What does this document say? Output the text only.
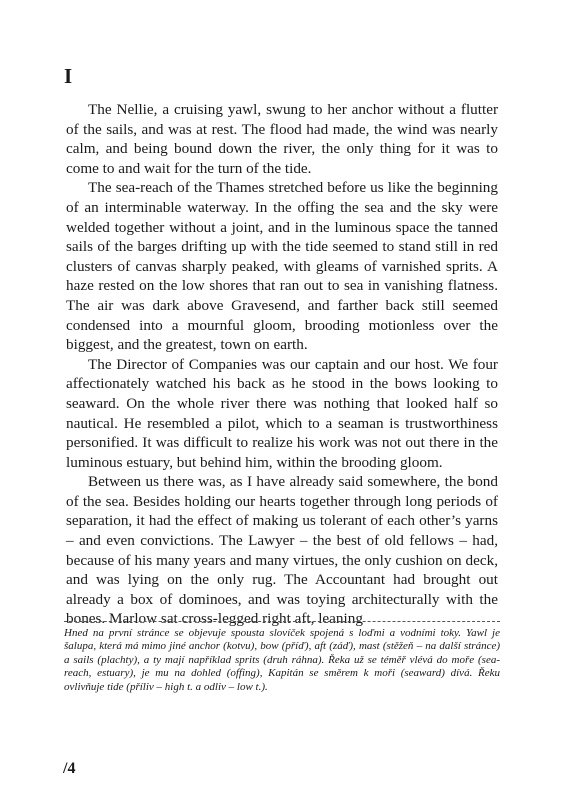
I

The Nellie, a cruising yawl, swung to her anchor without a flutter of the sails, and was at rest. The flood had made, the wind was nearly calm, and being bound down the river, the only thing for it was to come to and wait for the turn of the tide.

The sea-reach of the Thames stretched before us like the beginning of an interminable waterway. In the offing the sea and the sky were welded together without a joint, and in the luminous space the tanned sails of the barges drifting up with the tide seemed to stand still in red clusters of canvas sharply peaked, with gleams of varnished sprits. A haze rested on the low shores that ran out to sea in vanishing flatness. The air was dark above Gravesend, and farther back still seemed condensed into a mournful gloom, brooding motionless over the biggest, and the greatest, town on earth.

The Director of Companies was our captain and our host. We four affectionately watched his back as he stood in the bows looking to seaward. On the whole river there was nothing that looked half so nautical. He resembled a pilot, which to a seaman is trustworthiness personified. It was difficult to realize his work was not out there in the luminous estuary, but behind him, within the brooding gloom.

Between us there was, as I have already said somewhere, the bond of the sea. Besides holding our hearts together through long periods of separation, it had the effect of making us tolerant of each other’s yarns – and even convictions. The Lawyer – the best of old fellows – had, because of his many years and many virtues, the only cushion on deck, and was lying on the only rug. The Accountant had brought out already a box of dominoes, and was toying architecturally with the bones. Marlow sat cross-legged right aft, leaning

Hned na první stránce se objevuje spousta slovíček spojená s loďmi a vodními toky. Yawl je šalupa, která má mimo jiné anchor (kotvu), bow (příď), aft (záď), mast (stěžeň – na další stránce) a sails (plachty), a ty mají například sprits (druh ráhna). Řeka už se téměř vlévá do moře (sea-reach, estuary), je mu na dohled (offing), Kapitán se směrem k moři (seaward) dívá. Řeku ovlivňuje tide (příliv – high t. a odliv – low t.).
/4
